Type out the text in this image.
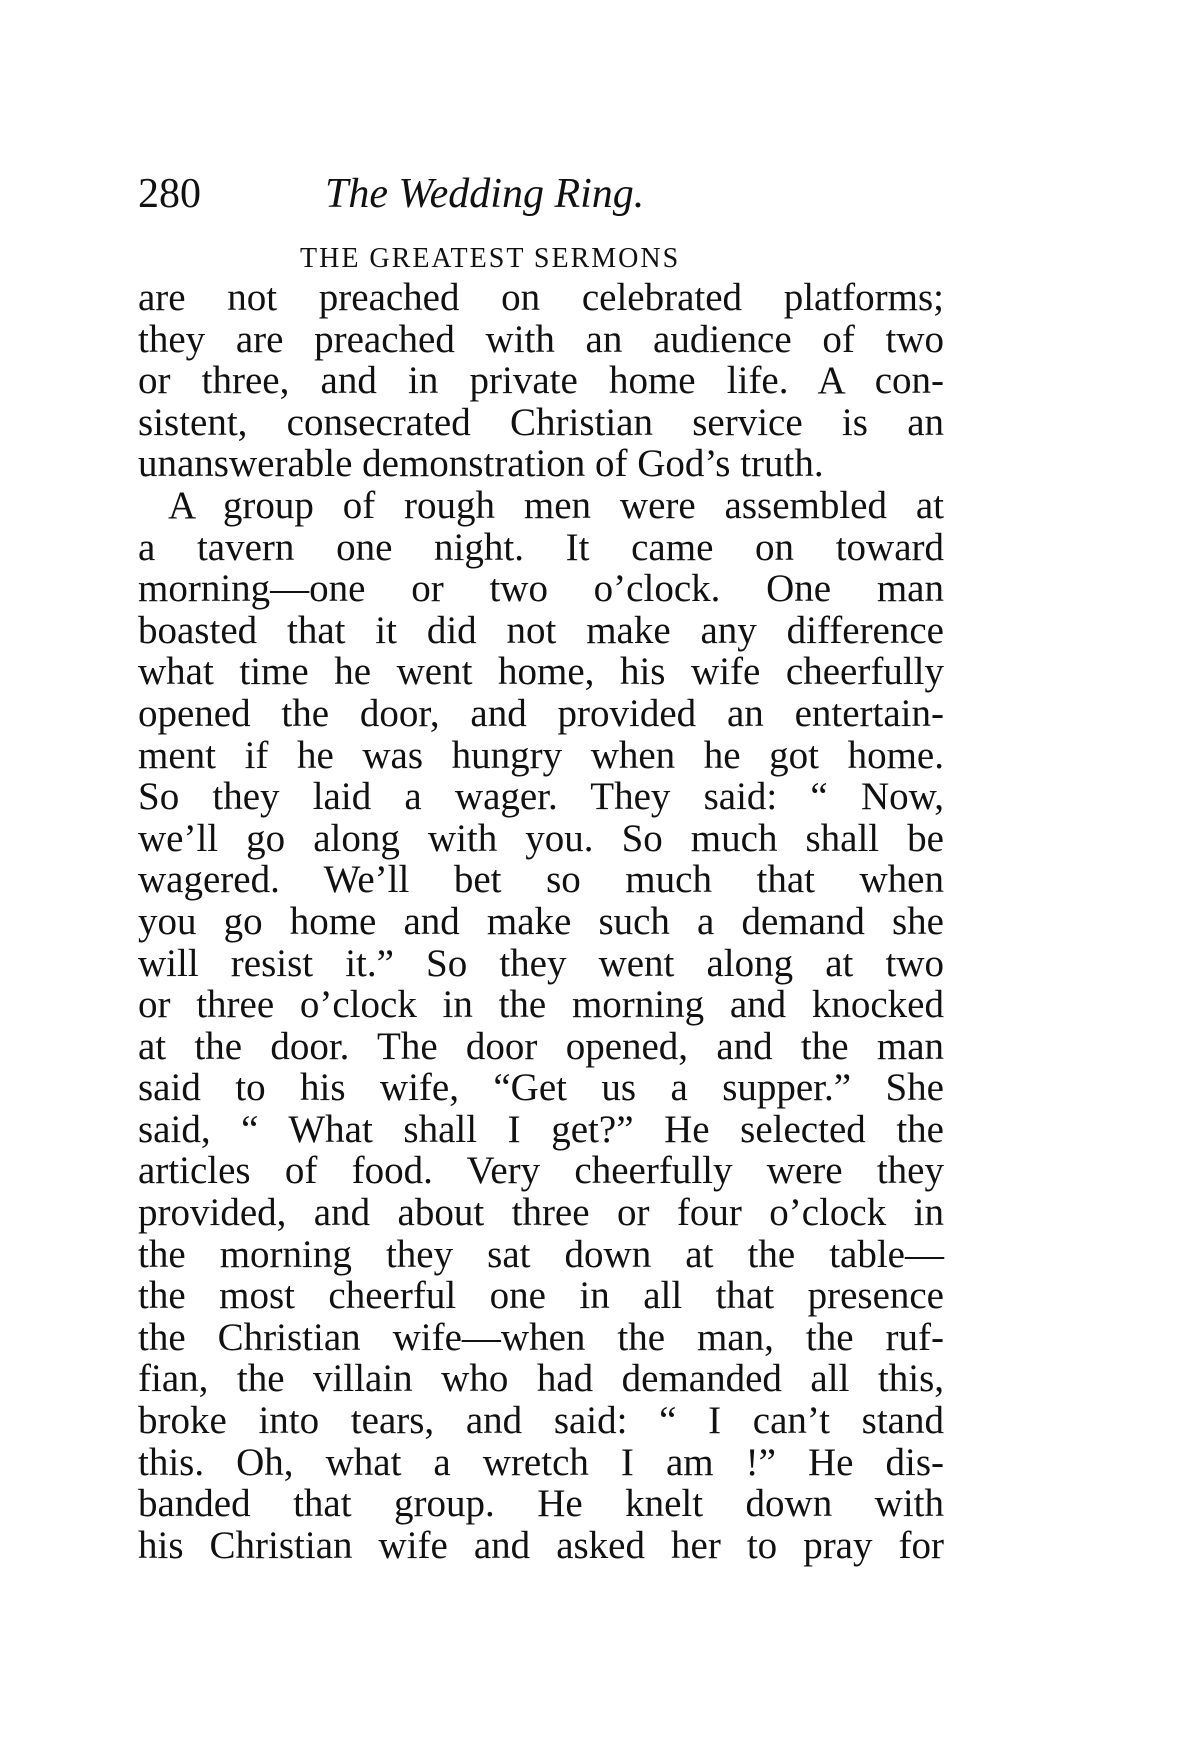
280	The Wedding Ring.
THE GREATEST SERMONS
are not preached on celebrated platforms;
they are preached with an audience of two
or three, and in private home life. A con-
sistent, consecrated Christian service is an
unanswerable demonstration of God’s truth.
A group of rough men were assembled at
a tavern one night. It came on toward
morning—one or two o’clock. One man
boasted that it did not make any difference
what time he went home, his wife cheerfully
opened the door, and provided an entertain-
ment if he was hungry when he got home.
So they laid a wager. They said: “ Now,
we’ll go along with you. So much shall be
wagered. We’ll bet so much that when
you go home and make such a demand she
will resist it.” So they went along at two
or three o’clock in the morning and knocked
at the door. The door opened, and the man
said to his wife, “Get us a supper.” She
said, “ What shall I get?” He selected the
articles of food. Very cheerfully were they
provided, and about three or four o’clock in
the morning they sat down at the table—
the most cheerful one in all that presence
the Christian wife—when the man, the ruf-
fian, the villain who had demanded all this,
broke into tears, and said: “ I can’t stand
this. Oh, what a wretch I am !” He dis-
banded that group. He knelt down with
his Christian wife and asked her to pray for
